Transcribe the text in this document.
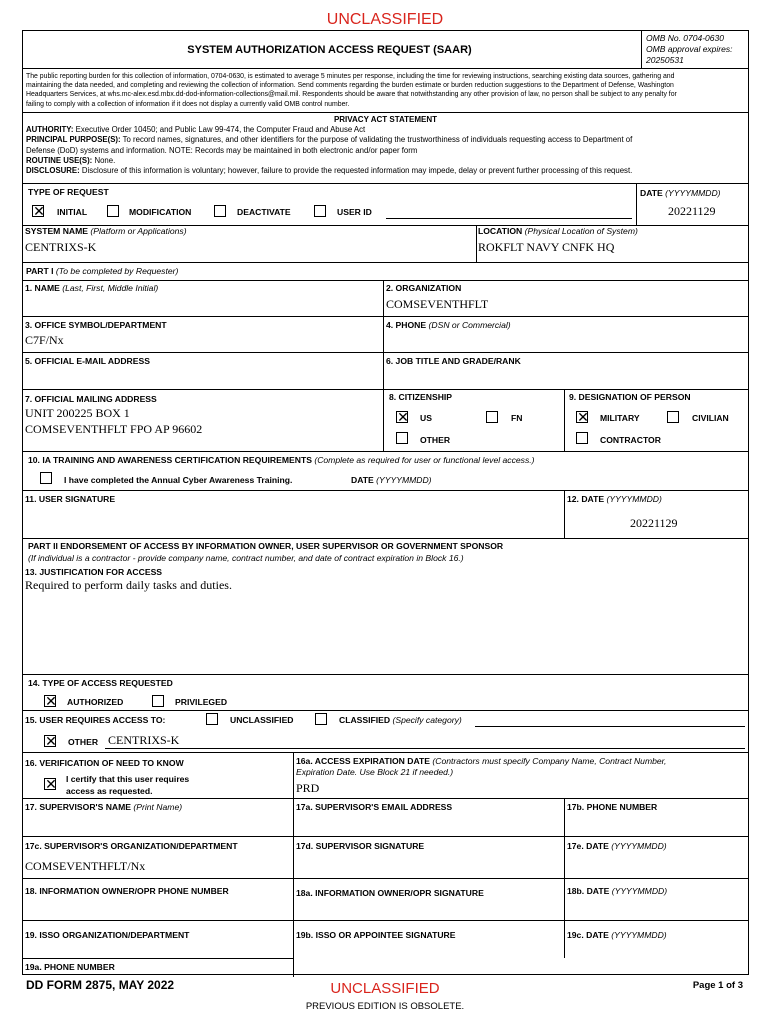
UNCLASSIFIED
SYSTEM AUTHORIZATION ACCESS REQUEST (SAAR)
OMB No. 0704-0630
OMB approval expires:
20250531
The public reporting burden for this collection of information, 0704-0630, is estimated to average 5 minutes per response, including the time for reviewing instructions, searching existing data sources, gathering and
maintaining the data needed, and completing and reviewing the collection of information. Send comments regarding the burden estimate or burden reduction suggestions to the Department of Defense, Washington
Headquarters Services, at whs.mc-alex.esd.mbx.dd-dod-information-collections@mail.mil. Respondents should be aware that notwithstanding any other provision of law, no person shall be subject to any penalty for
failing to comply with a collection of information if it does not display a currently valid OMB control number.
PRIVACY ACT STATEMENT
AUTHORITY: Executive Order 10450; and Public Law 99-474, the Computer Fraud and Abuse Act
PRINCIPAL PURPOSE(S): To record names, signatures, and other identifiers for the purpose of validating the trustworthiness of individuals requesting access to Department of
Defense (DoD) systems and information. NOTE: Records may be maintained in both electronic and/or paper form
ROUTINE USE(S): None.
DISCLOSURE: Disclosure of this information is voluntary; however, failure to provide the requested information may impede, delay or prevent further processing of this request.
TYPE OF REQUEST	DATE (YYYYMMDD)
✕ INITIAL	MODIFICATION	DEACTIVATE	USER ID	20221129
SYSTEM NAME (Platform or Applications)	LOCATION (Physical Location of System)
CENTRIXS-K	ROKFLT NAVY CNFK HQ
PART I (To be completed by Requester)
1. NAME (Last, First, Middle Initial)	2. ORGANIZATION
COMSEVENTHFLT
3. OFFICE SYMBOL/DEPARTMENT
C7F/Nx
4. PHONE (DSN or Commercial)
5. OFFICIAL E-MAIL ADDRESS	6. JOB TITLE AND GRADE/RANK
7. OFFICIAL MAILING ADDRESS
UNIT 200225 BOX 1
COMSEVENTHFLT FPO AP 96602
8. CITIZENSHIP
✕ US	FN
OTHER
9. DESIGNATION OF PERSON
✕ MILITARY	CIVILIAN
CONTRACTOR
10. IA TRAINING AND AWARENESS CERTIFICATION REQUIREMENTS (Complete as required for user or functional level access.)
I have completed the Annual Cyber Awareness Training.	DATE (YYYYMMDD)
11. USER SIGNATURE	12. DATE (YYYYMMDD)
20221129
PART II ENDORSEMENT OF ACCESS BY INFORMATION OWNER, USER SUPERVISOR OR GOVERNMENT SPONSOR
(If individual is a contractor - provide company name, contract number, and date of contract expiration in Block 16.)
13. JUSTIFICATION FOR ACCESS
Required to perform daily tasks and duties.
14. TYPE OF ACCESS REQUESTED
✕ AUTHORIZED	PRIVILEGED
15. USER REQUIRES ACCESS TO:	UNCLASSIFIED	CLASSIFIED (Specify category)
✕ OTHER CENTRIXS-K
16. VERIFICATION OF NEED TO KNOW
✕ I certify that this user requires
access as requested.
16a. ACCESS EXPIRATION DATE (Contractors must specify Company Name, Contract Number,
Expiration Date. Use Block 21 if needed.)
PRD
17. SUPERVISOR'S NAME (Print Name)	17a. SUPERVISOR'S EMAIL ADDRESS	17b. PHONE NUMBER
17c. SUPERVISOR'S ORGANIZATION/DEPARTMENT
COMSEVENTHFLT/Nx
17d. SUPERVISOR SIGNATURE	17e. DATE (YYYYMMDD)
18. INFORMATION OWNER/OPR PHONE NUMBER	18a. INFORMATION OWNER/OPR SIGNATURE	18b. DATE (YYYYMMDD)
19. ISSO ORGANIZATION/DEPARTMENT	19b. ISSO OR APPOINTEE SIGNATURE	19c. DATE (YYYYMMDD)
19a. PHONE NUMBER
DD FORM 2875, MAY 2022	UNCLASSIFIED	Page 1 of 3
PREVIOUS EDITION IS OBSOLETE.
